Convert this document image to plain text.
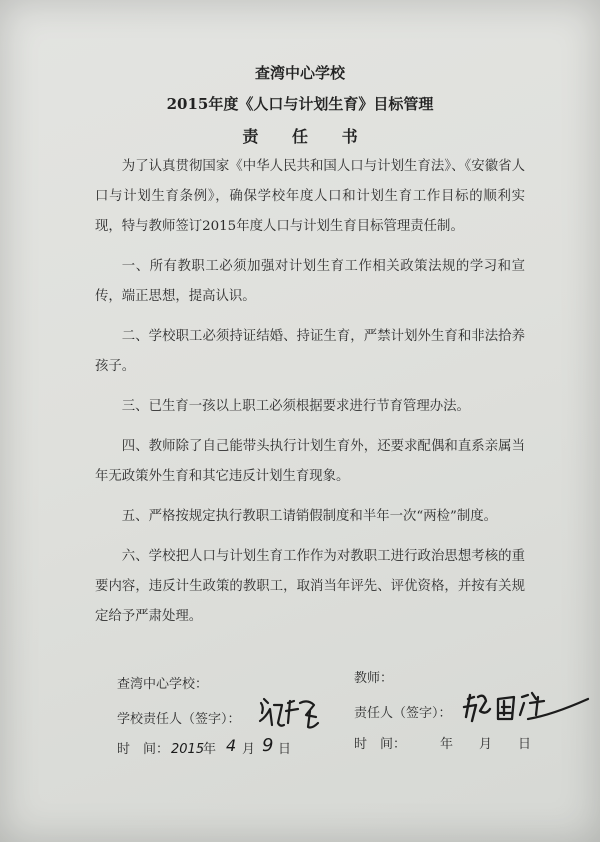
查湾中心学校
2015年度《人口与计划生育》目标管理
责 任 书

为了认真贯彻国家《中华人民共和国人口与计划生育法》、《安徽省人口与计划生育条例》，确保学校年度人口和计划生育工作目标的顺利实现，特与教师签订2015年度人口与计划生育目标管理责任制。

一、所有教职工必须加强对计划生育工作相关政策法规的学习和宣传，端正思想，提高认识。

二、学校职工必须持证结婚、持证生育，严禁计划外生育和非法拾养孩子。

三、已生育一孩以上职工必须根据要求进行节育管理办法。

四、教师除了自己能带头执行计划生育外，还要求配偶和直系亲属当年无政策外生育和其它违反计划生育现象。

五、严格按规定执行教职工请销假制度和半年一次“两检”制度。

六、学校把人口与计划生育工作作为对教职工进行政治思想考核的重要内容，违反计生政策的教职工，取消当年评先、评优资格，并按有关规定给予严肃处理。

查湾中心学校：
学校责任人（签字）：
时　间： 2015
年 4 月 9 日
教师：
责任人（签字）：
时　间：	年　　月　　日
